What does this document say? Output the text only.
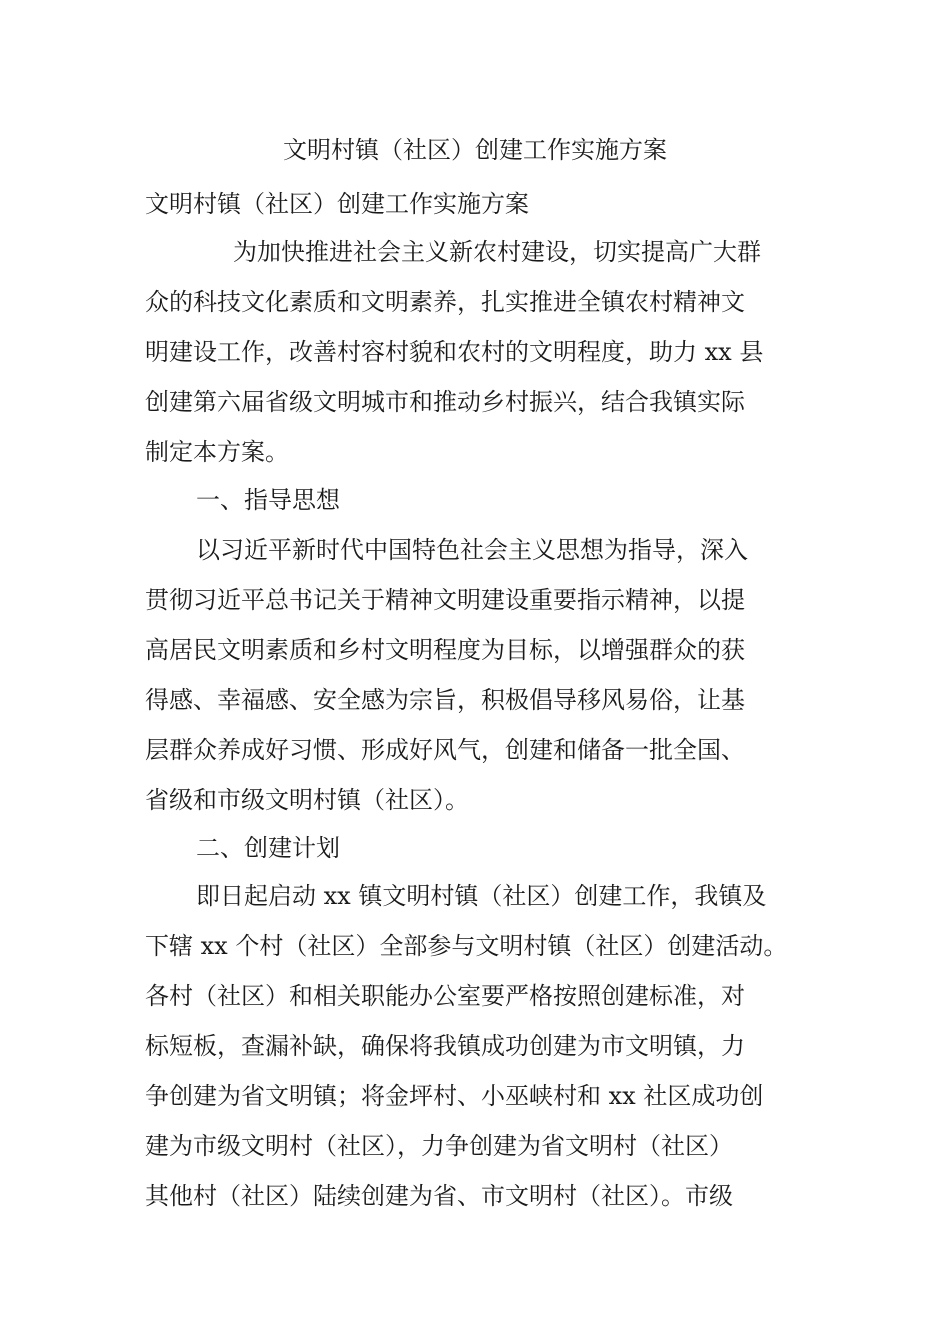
文明村镇（社区）创建工作实施方案
文明村镇（社区）创建工作实施方案
为加快推进社会主义新农村建设，切实提高广大群
众的科技文化素质和文明素养，扎实推进全镇农村精神文
明建设工作，改善村容村貌和农村的文明程度，助力 xx 县
创建第六届省级文明城市和推动乡村振兴，结合我镇实际
制定本方案。
一、指导思想
以习近平新时代中国特色社会主义思想为指导，深入
贯彻习近平总书记关于精神文明建设重要指示精神，以提
高居民文明素质和乡村文明程度为目标，以增强群众的获
得感、幸福感、安全感为宗旨，积极倡导移风易俗，让基
层群众养成好习惯、形成好风气，创建和储备一批全国、
省级和市级文明村镇（社区）。
二、创建计划
即日起启动 xx 镇文明村镇（社区）创建工作，我镇及
下辖 xx 个村（社区）全部参与文明村镇（社区）创建活动。
各村（社区）和相关职能办公室要严格按照创建标准，对
标短板，查漏补缺，确保将我镇成功创建为市文明镇，力
争创建为省文明镇；将金坪村、小巫峡村和 xx 社区成功创
建为市级文明村（社区），力争创建为省文明村（社区）
其他村（社区）陆续创建为省、市文明村（社区）。市级
